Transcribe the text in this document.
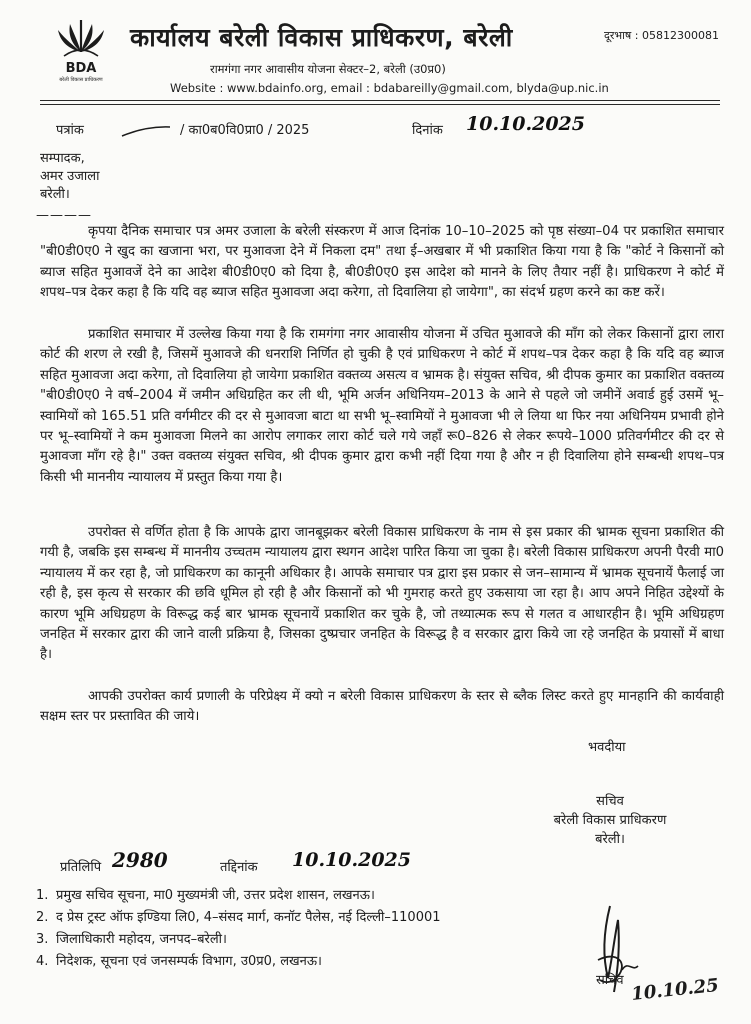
BDA
बरेली विकास प्राधिकरण
कार्यालय बरेली विकास प्राधिकरण, बरेली	दूरभाष : 05812300081
रामगंगा नगर आवासीय योजना सेक्टर–2, बरेली (उ0प्र0)
Website : www.bdainfo.org, email : bdabareilly@gmail.com, blyda@up.nic.in
पत्रांक	/ का0ब0वि0प्रा0 / 2025	दिनांक 10.10.2025
सम्पादक,
अमर उजाला
बरेली।
————
कृपया दैनिक समाचार पत्र अमर उजाला के बरेली संस्करण में आज दिनांक 10–10–2025 को पृष्ठ संख्या–04 पर प्रकाशित समाचार "बी0डी0ए0 ने खुद का खजाना भरा, पर मुआवजा देने में निकला दम" तथा ई–अखबार में भी प्रकाशित किया गया है कि "कोर्ट ने किसानों को ब्याज सहित मुआवजें देने का आदेश बी0डी0ए0 को दिया है, बी0डी0ए0 इस आदेश को मानने के लिए तैयार नहीं है। प्राधिकरण ने कोर्ट में शपथ–पत्र देकर कहा है कि यदि वह ब्याज सहित मुआवजा अदा करेगा, तो दिवालिया हो जायेगा", का संदर्भ ग्रहण करने का कष्ट करें।
प्रकाशित समाचार में उल्लेख किया गया है कि रामगंगा नगर आवासीय योजना में उचित मुआवजे की माँग को लेकर किसानों द्वारा लारा कोर्ट की शरण ले रखी है, जिसमें मुआवजे की धनराशि निर्णित हो चुकी है एवं प्राधिकरण ने कोर्ट में शपथ–पत्र देकर कहा है कि यदि वह ब्याज सहित मुआवजा अदा करेगा, तो दिवालिया हो जायेगा प्रकाशित वक्तव्य असत्य व भ्रामक है। संयुक्त सचिव, श्री दीपक कुमार का प्रकाशित वक्तव्य "बी0डी0ए0 ने वर्ष–2004 में जमीन अधिग्रहित कर ली थी, भूमि अर्जन अधिनियम–2013 के आने से पहले जो जमीनें अवार्ड हुई उसमें भू–स्वामियों को 165.51 प्रति वर्गमीटर की दर से मुआवजा बाटा था सभी भू–स्वामियों ने मुआवजा भी ले लिया था फिर नया अधिनियम प्रभावी होने पर भू–स्वामियों ने कम मुआवजा मिलने का आरोप लगाकर लारा कोर्ट चले गये जहाँ रू0–826 से लेकर रूपये–1000 प्रतिवर्गमीटर की दर से मुआवजा माँग रहे है।" उक्त वक्तव्य संयुक्त सचिव, श्री दीपक कुमार द्वारा कभी नहीं दिया गया है और न ही दिवालिया होने सम्बन्धी शपथ–पत्र किसी भी माननीय न्यायालय में प्रस्तुत किया गया है।
उपरोक्त से वर्णित होता है कि आपके द्वारा जानबूझकर बरेली विकास प्राधिकरण के नाम से इस प्रकार की भ्रामक सूचना प्रकाशित की गयी है, जबकि इस सम्बन्ध में माननीय उच्चतम न्यायालय द्वारा स्थगन आदेश पारित किया जा चुका है। बरेली विकास प्राधिकरण अपनी पैरवी मा0 न्यायालय में कर रहा है, जो प्राधिकरण का कानूनी अधिकार है। आपके समाचार पत्र द्वारा इस प्रकार से जन–सामान्य में भ्रामक सूचनायें फैलाई जा रही है, इस कृत्य से सरकार की छवि धूमिल हो रही है और किसानों को भी गुमराह करते हुए उकसाया जा रहा है। आप अपने निहित उद्देश्यों के कारण भूमि अधिग्रहण के विरूद्ध कई बार भ्रामक सूचनायें प्रकाशित कर चुके है, जो तथ्यात्मक रूप से गलत व आधारहीन है। भूमि अधिग्रहण जनहित में सरकार द्वारा की जाने वाली प्रक्रिया है, जिसका दुष्प्रचार जनहित के विरूद्ध है व सरकार द्वारा किये जा रहे जनहित के प्रयासों में बाधा है।
आपकी उपरोक्त कार्य प्रणाली के परिप्रेक्ष्य में क्यो न बरेली विकास प्राधिकरण के स्तर से ब्लैक लिस्ट करते हुए मानहानि की कार्यवाही सक्षम स्तर पर प्रस्तावित की जाये।
भवदीया
सचिव
बरेली विकास प्राधिकरण
बरेली।
प्रतिलिपि 2980	तद्दिनांक 10.10.2025
1. प्रमुख सचिव सूचना, मा0 मुख्यमंत्री जी, उत्तर प्रदेश शासन, लखनऊ।
2. द प्रेस ट्रस्ट ऑफ इण्डिया लि0, 4–संसद मार्ग, कनॉट पैलेस, नई दिल्ली–110001
3. जिलाधिकारी महोदय, जनपद–बरेली।
4. निदेशक, सूचना एवं जनसम्पर्क विभाग, उ0प्र0, लखनऊ।
10.10.25
सचिव
